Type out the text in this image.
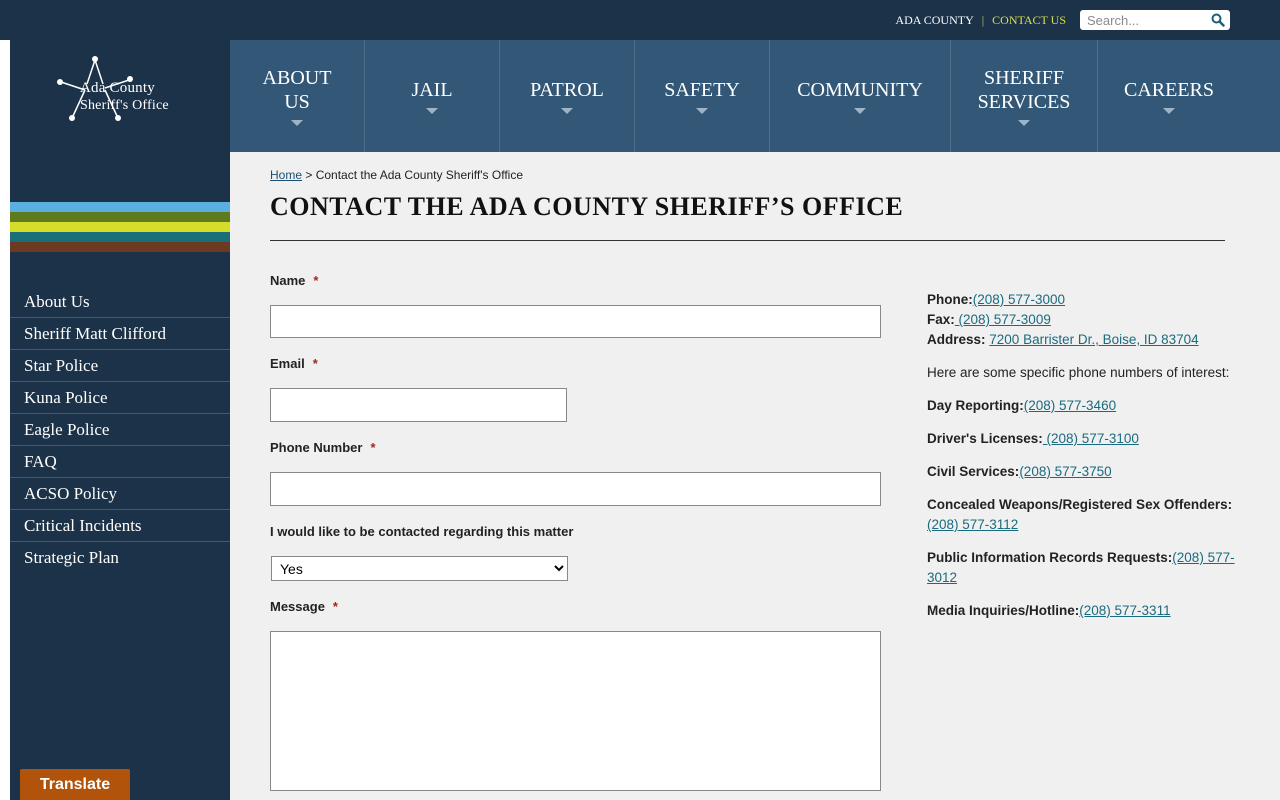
ADA COUNTY | CONTACT US
Search...
Ada County
Sheriff's Office
ABOUT
US
JAIL	PATROL	SAFETY	COMMUNITY
SHERIFF
SERVICES
CAREERS
About Us
Sheriff Matt Clifford
Star Police
Kuna Police
Eagle Police
FAQ
ACSO Policy
Critical Incidents
Strategic Plan
Translate
Home > Contact the Ada County Sheriff's Office
CONTACT THE ADA COUNTY SHERIFF’S OFFICE
Name *
Email *
Phone Number *
I would like to be contacted regarding this matter
Yes
Message *
Phone:(208) 577-3000
Fax: (208) 577-3009
Address: 7200 Barrister Dr., Boise, ID 83704

Here are some specific phone numbers of interest:

Day Reporting:(208) 577-3460

Driver's Licenses: (208) 577-3100

Civil Services:(208) 577-3750

Concealed Weapons/Registered Sex Offenders:
(208) 577-3112

Public Information Records Requests:(208) 577-3012

Media Inquiries/Hotline:(208) 577-3311
